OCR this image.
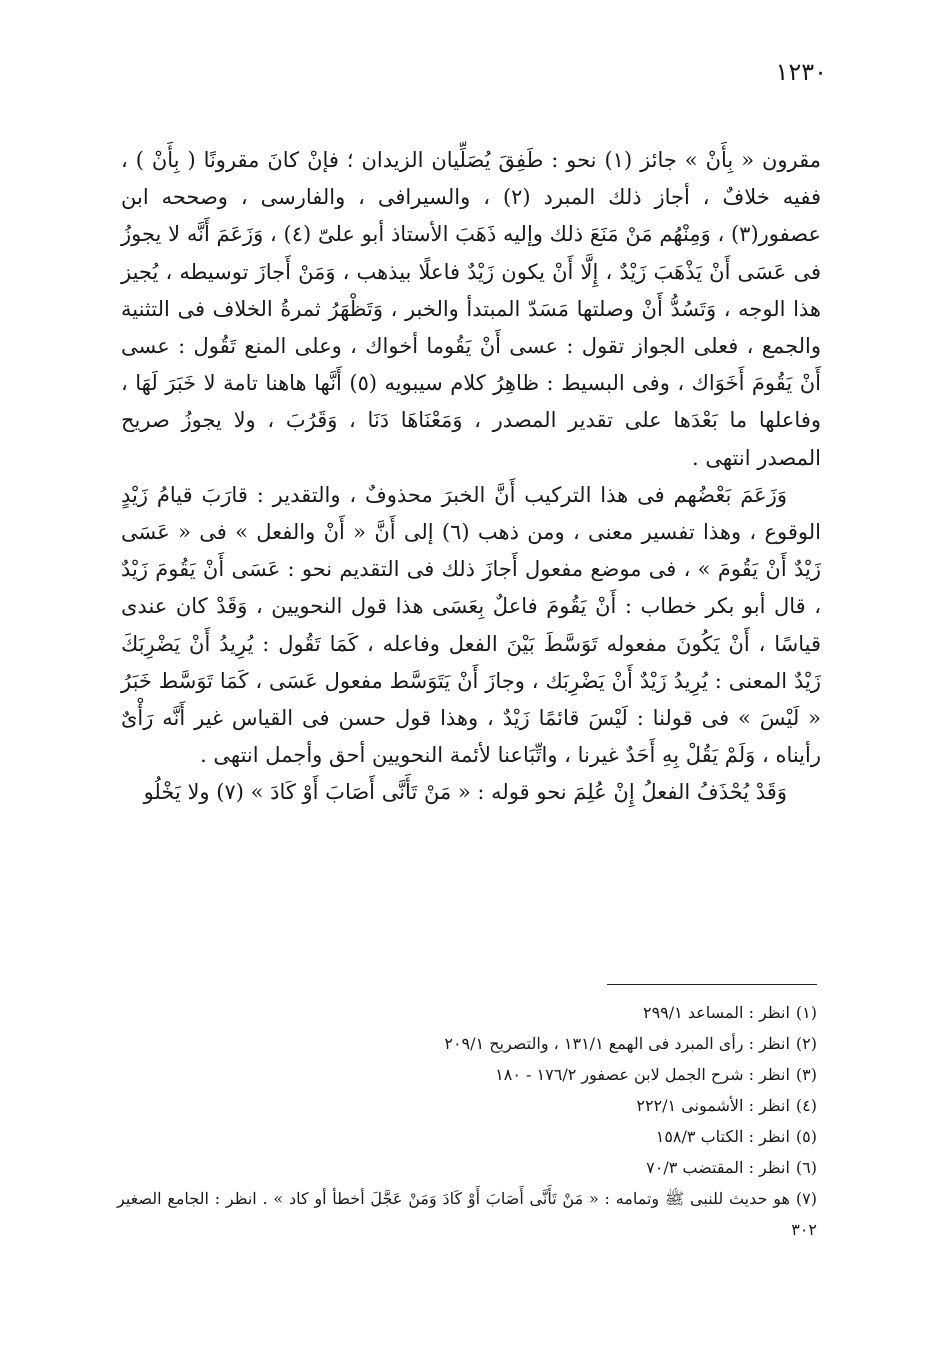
١٢٣٠

مقرون « بِأَنْ » جائز (١) نحو : طَفِقَ يُصَلِّيان الزيدان ؛ فإنْ كانَ مقرونًا ( بِأَنْ ) ، ففيه خلافٌ ، أجاز ذلك المبرد (٢) ، والسيرافى ، والفارسى ، وصححه ابن عصفور(٣) ، وَمِنْهُم مَنْ مَنَعَ ذلك وإليه ذَهَبَ الأستاذ أبو علىّ (٤) ، وَزَعَمَ أَنَّه لا يجوزُ فى عَسَى أَنْ يَذْهَبَ زَيْدٌ ، إِلَّا أَنْ يكون زَيْدٌ فاعلًا بيذهب ، وَمَنْ أَجازَ توسيطه ، يُجيز هذا الوجه ، وَتَسُدُّ أَنْ وصلتها مَسَدّ المبتدأ والخبر ، وَتَظْهَرُ ثمرةُ الخلاف فى التثنية والجمع ، فعلى الجواز تقول : عسى أَنْ يَقُوما أخواك ، وعلى المنع تَقُول : عسى أَنْ يَقُومَ أَخَوَاك ، وفى البسيط : ظاهِرُ كلام سيبويه (٥) أَنَّها هاهنا تامة لا خَبَرَ لَهَا ، وفاعلها ما بَعْدَها على تقدير المصدر ، وَمَعْنَاهَا دَنَا ، وَقَرُبَ ، ولا يجوزُ صريح المصدر انتهى .

وَزَعَمَ بَعْضُهم فى هذا التركيب أَنَّ الخبرَ محذوفٌ ، والتقدير : قارَبَ قيامُ زَيْدٍ الوقوع ، وهذا تفسير معنى ، ومن ذهب (٦) إلى أَنَّ « أَنْ والفعل » فى « عَسَى زَيْدٌ أَنْ يَقُومَ » ، فى موضع مفعول أَجازَ ذلك فى التقديم نحو : عَسَى أَنْ يَقُومَ زَيْدٌ ، قال أبو بكر خطاب : أَنْ يَقُومَ فاعلٌ بِعَسَى هذا قول النحويين ، وَقَدْ كان عندى قياسًا ، أَنْ يَكُونَ مفعوله تَوَسَّطَ بَيْنَ الفعل وفاعله ، كَمَا تَقُول : يُرِيدُ أَنْ يَضْرِبَكَ زَيْدٌ المعنى : يُرِيدُ زَيْدٌ أَنْ يَضْرِبَك ، وجازَ أَنْ يَتَوَسَّط مفعول عَسَى ، كَمَا تَوَسَّط خَبَرُ « لَيْسَ » فى قولنا : لَيْسَ قائمًا زَيْدٌ ، وهذا قول حسن فى القياس غير أَنَّه رَأْىٌ رأيناه ، وَلَمْ يَقُلْ بِهِ أَحَدٌ غيرنا ، واتِّبَاعنا لأئمة النحويين أحق وأجمل انتهى .

وَقَدْ يُحْذَفُ الفعلُ إِنْ عُلِمَ نحو قوله : « مَنْ تَأَنَّى أَصَابَ أَوْ كَادَ » (٧) ولا يَخْلُو

(١)انظر : المساعد ٢٩٩/١

(٢)انظر : رأى المبرد فى الهمع ١٣١/١ ، والتصريح ٢٠٩/١

(٣)انظر : شرح الجمل لابن عصفور ١٧٦/٢ - ١٨٠

(٤)انظر : الأشمونى ٢٢٢/١

(٥)انظر : الكتاب ١٥٨/٣

(٦)انظر : المقتضب ٧٠/٣

(٧)هو حديث للنبى ﷺ وتمامه : « مَنْ تَأَنَّى أَصَابَ أَوْ كَادَ وَمَنْ عَجَّلَ أخطأ أو كاد » . انظر : الجامع الصغير ٣٠٢
